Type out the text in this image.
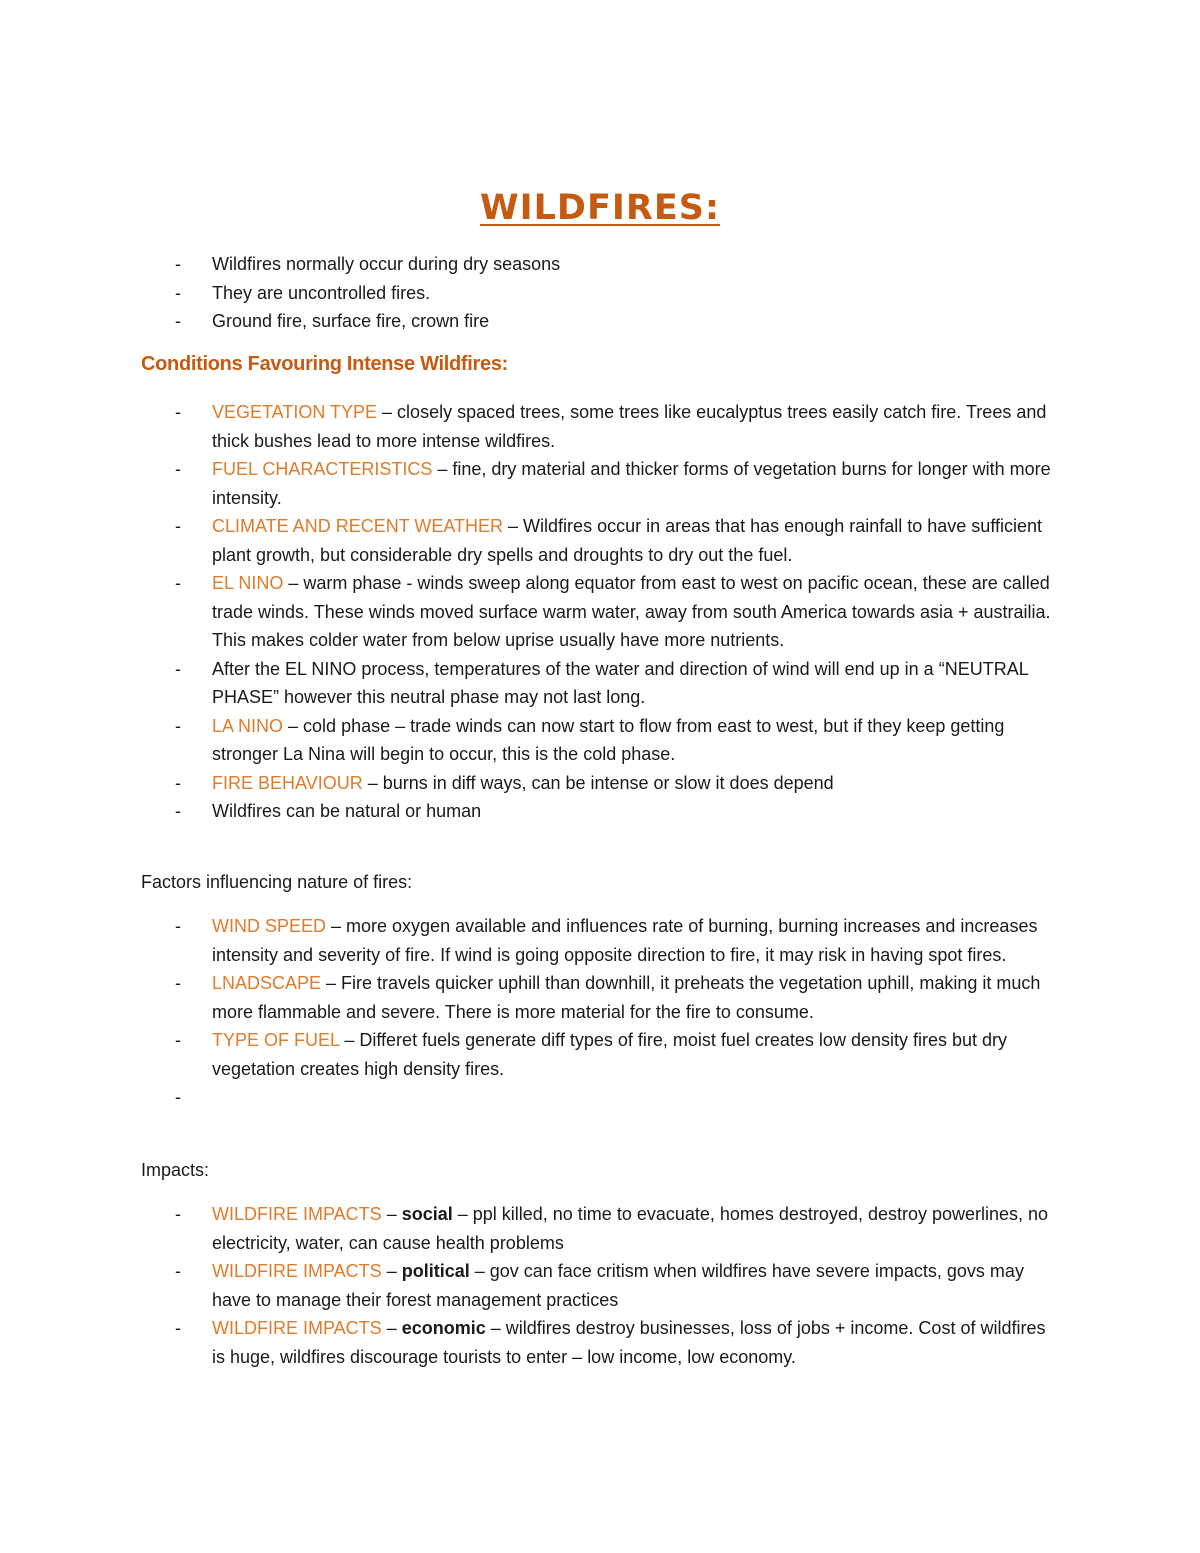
WILDFIRES:
- Wildfires normally occur during dry seasons
- They are uncontrolled fires.
- Ground fire, surface fire, crown fire
Conditions Favouring Intense Wildfires:
- VEGETATION TYPE – closely spaced trees, some trees like eucalyptus trees easily catch fire. Trees and thick bushes lead to more intense wildfires.
- FUEL CHARACTERISTICS – fine, dry material and thicker forms of vegetation burns for longer with more intensity.
- CLIMATE AND RECENT WEATHER – Wildfires occur in areas that has enough rainfall to have sufficient plant growth, but considerable dry spells and droughts to dry out the fuel.
- EL NINO – warm phase - winds sweep along equator from east to west on pacific ocean, these are called trade winds. These winds moved surface warm water, away from south America towards asia + austrailia. This makes colder water from below uprise usually have more nutrients.
- After the EL NINO process, temperatures of the water and direction of wind will end up in a “NEUTRAL PHASE” however this neutral phase may not last long.
- LA NINO – cold phase – trade winds can now start to flow from east to west, but if they keep getting stronger La Nina will begin to occur, this is the cold phase.
- FIRE BEHAVIOUR – burns in diff ways, can be intense or slow it does depend
- Wildfires can be natural or human
Factors influencing nature of fires:
- WIND SPEED – more oxygen available and influences rate of burning, burning increases and increases intensity and severity of fire. If wind is going opposite direction to fire, it may risk in having spot fires.
- LNADSCAPE – Fire travels quicker uphill than downhill, it preheats the vegetation uphill, making it much more flammable and severe. There is more material for the fire to consume.
- TYPE OF FUEL – Differet fuels generate diff types of fire, moist fuel creates low density fires but dry vegetation creates high density fires.
-

Impacts:
- WILDFIRE IMPACTS – social – ppl killed, no time to evacuate, homes destroyed, destroy powerlines, no electricity, water, can cause health problems
- WILDFIRE IMPACTS – political – gov can face critism when wildfires have severe impacts, govs may have to manage their forest management practices
- WILDFIRE IMPACTS – economic – wildfires destroy businesses, loss of jobs + income. Cost of wildfires is huge, wildfires discourage tourists to enter – low income, low economy.
